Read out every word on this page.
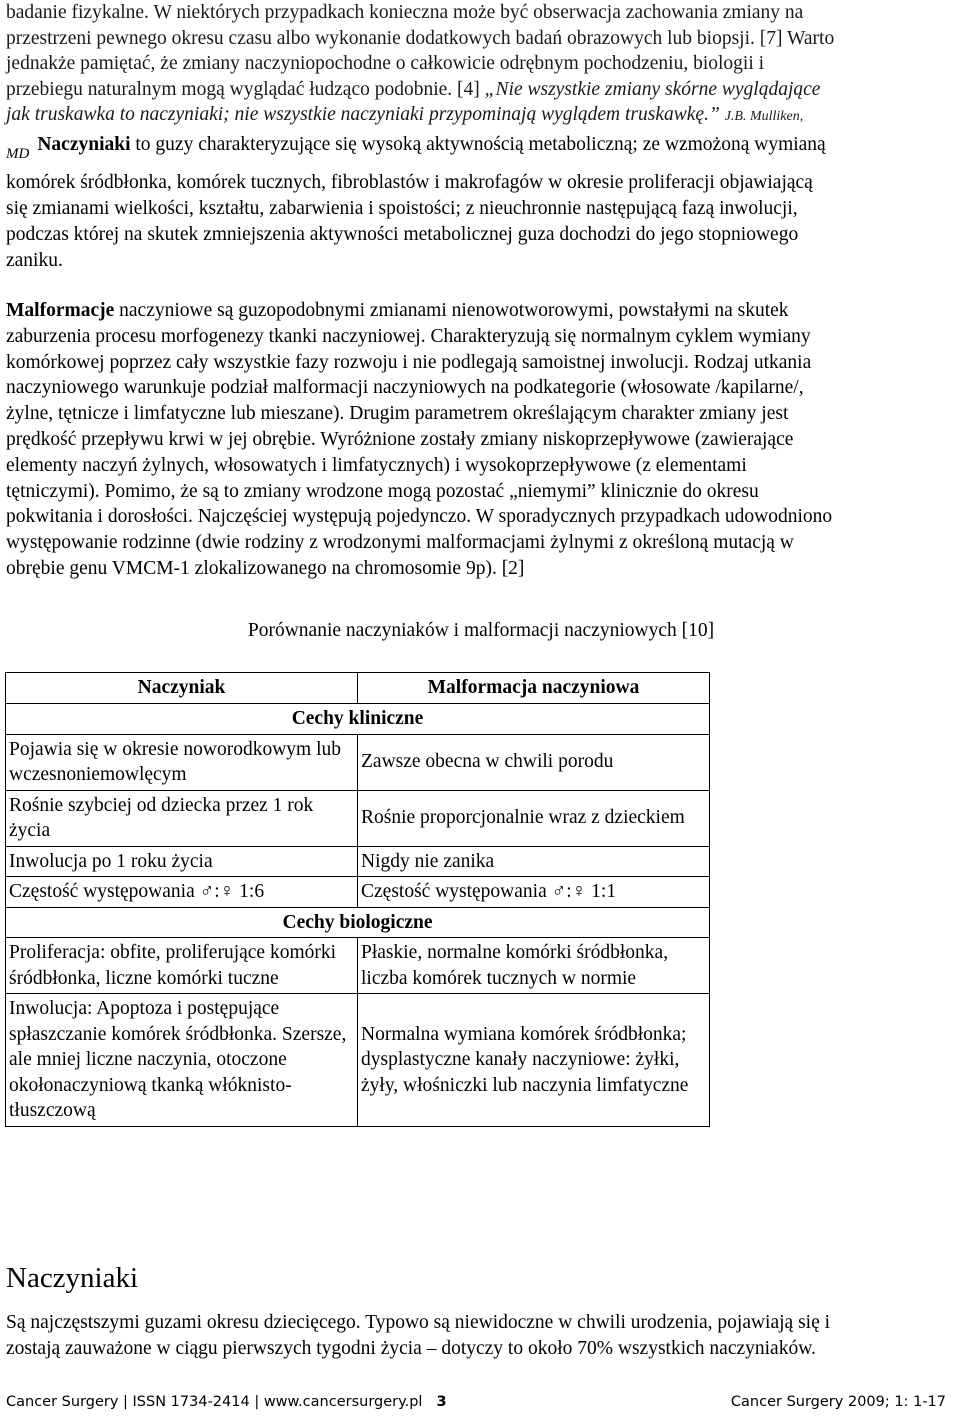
badanie fizykalne. W niektórych przypadkach konieczna może być obserwacja zachowania zmiany na
przestrzeni pewnego okresu czasu albo wykonanie dodatkowych badań obrazowych lub biopsji. [7] Warto
jednakże pamiętać, że zmiany naczyniopochodne o całkowicie odrębnym pochodzeniu, biologii i
przebiegu naturalnym mogą wyglądać łudząco podobnie. [4] „Nie wszystkie zmiany skórne wyglądające
jak truskawka to naczyniaki; nie wszystkie naczyniaki przypominają wyglądem truskawkę.” J.B. Mulliken,
$_{MD}$ Naczyniaki to guzy charakteryzujące się wysoką aktywnością metaboliczną; ze wzmożoną wymianą
komórek śródbłonka, komórek tucznych, fibroblastów i makrofagów w okresie proliferacji objawiającą
się zmianami wielkości, kształtu, zabarwienia i spoistości; z nieuchronnie następującą fazą inwolucji,
podczas której na skutek zmniejszenia aktywności metabolicznej guza dochodzi do jego stopniowego
zaniku.
Malformacje naczyniowe są guzopodobnymi zmianami nienowotworowymi, powstałymi na skutek
zaburzenia procesu morfogenezy tkanki naczyniowej. Charakteryzują się normalnym cyklem wymiany
komórkowej poprzez cały wszystkie fazy rozwoju i nie podlegają samoistnej inwolucji. Rodzaj utkania
naczyniowego warunkuje podział malformacji naczyniowych na podkategorie (włosowate /kapilarne/,
żylne, tętnicze i limfatyczne lub mieszane). Drugim parametrem określającym charakter zmiany jest
prędkość przepływu krwi w jej obrębie. Wyróżnione zostały zmiany niskoprzepływowe (zawierające
elementy naczyń żylnych, włosowatych i limfatycznych) i wysokoprzepływowe (z elementami
tętniczymi). Pomimo, że są to zmiany wrodzone mogą pozostać „niemymi” klinicznie do okresu
pokwitania i dorosłości. Najczęściej występują pojedynczo. W sporadycznych przypadkach udowodniono
występowanie rodzinne (dwie rodziny z wrodzonymi malformacjami żylnymi z określoną mutacją w
obrębie genu VMCM-1 zlokalizowanego na chromosomie 9p). [2]
Porównanie naczyniaków i malformacji naczyniowych [10]
Naczyniak	Malformacja naczyniowa
Cechy kliniczne	
Pojawia się w okresie noworodkowym lub wczesnoniemowlęcym	Zawsze obecna w chwili porodu
Rośnie szybciej od dziecka przez 1 rok życia	Rośnie proporcjonalnie wraz z dzieckiem
Inwolucja po 1 roku życia	Nigdy nie zanika
Częstość występowania ♂:♀ 1:6	Częstość występowania ♂:♀ 1:1
Cechy biologiczne	
Proliferacja: obfite, proliferujące komórki śródbłonka, liczne komórki tuczne	Płaskie, normalne komórki śródbłonka, liczba komórek tucznych w normie
Inwolucja: Apoptoza i postępujące spłaszczanie komórek śródbłonka. Szersze, ale mniej liczne naczynia, otoczone okołonaczyniową tkanką włóknisto-tłuszczową	Normalna wymiana komórek śródbłonka; dysplastyczne kanały naczyniowe: żyłki, żyły, włośniczki lub naczynia limfatyczne
Naczyniaki
Są najczęstszymi guzami okresu dziecięcego. Typowo są niewidoczne w chwili urodzenia, pojawiają się i
zostają zauważone w ciągu pierwszych tygodni życia – dotyczy to około 70% wszystkich naczyniaków.
Cancer Surgery | ISSN 1734-2414 | www.cancersurgery.pl 3	Cancer Surgery 2009; 1: 1-17
